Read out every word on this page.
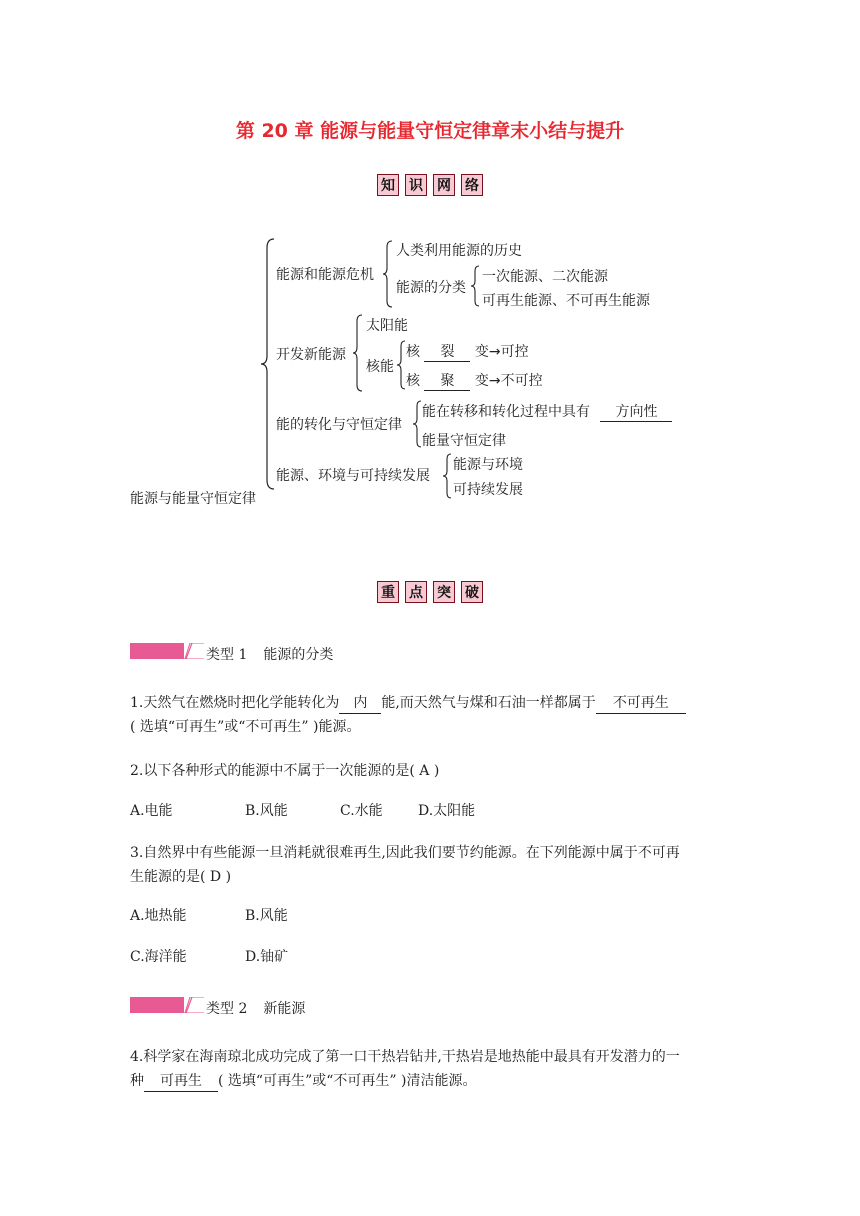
第 20 章 能源与能量守恒定律章末小结与提升
知 识 网 络
能源与能量守恒定律
能源和能源危机
人类利用能源的历史
能源的分类
一次能源、二次能源
可再生能源、不可再生能源
开发新能源
太阳能
核能
核 裂 变→可控
核 聚 变→不可控
能的转化与守恒定律
能在转移和转化过程中具有 方向性
能量守恒定律
能源、环境与可持续发展
能源与环境
可持续发展
重 点 突 破
类型 1 能源的分类
1.天然气在燃烧时把化学能转化为 内 能,而天然气与煤和石油一样都属于 不可再生
( 选填“可再生”或“不可再生” )能源。
2.以下各种形式的能源中不属于一次能源的是( A )
A.电能	B.风能	C.水能	D.太阳能
3.自然界中有些能源一旦消耗就很难再生,因此我们要节约能源。在下列能源中属于不可再
生能源的是( D )
A.地热能	B.风能
C.海洋能	D.铀矿
类型 2 新能源
4.科学家在海南琼北成功完成了第一口干热岩钻井,干热岩是地热能中最具有开发潜力的一
种 可再生 ( 选填“可再生”或“不可再生” )清洁能源。
